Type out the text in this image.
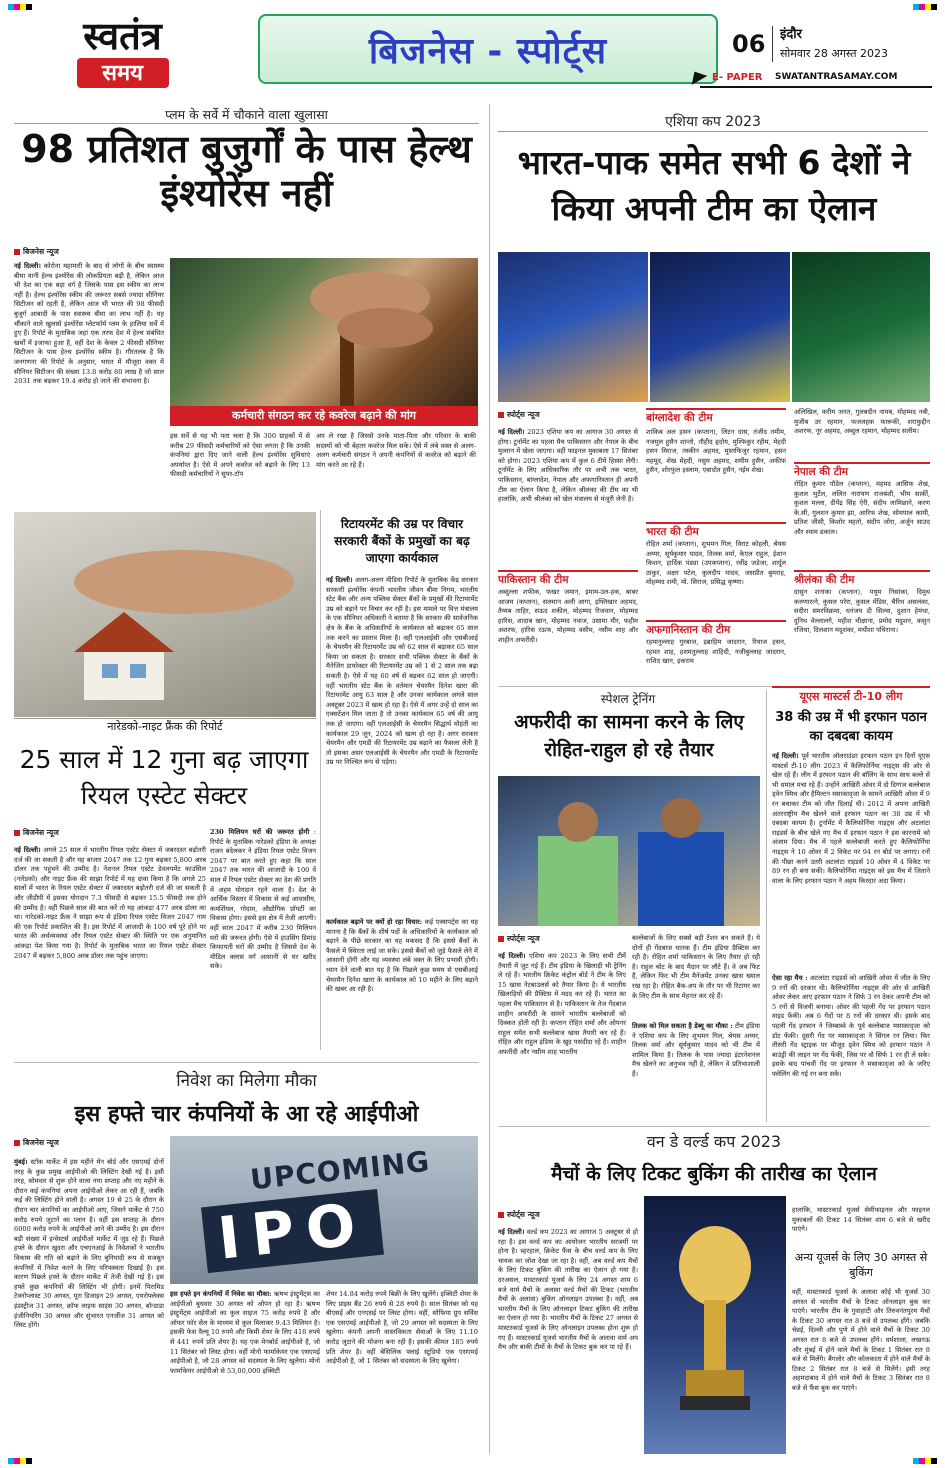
स्वतंत्र
समय
बिजनेस - स्पोर्ट्स	06 इंदौर
सोमवार 28 अगस्त 2023
E- PAPER SWATANTRASAMAY.COM
प्लम के सर्वे में चौकाने वाला खुलासा
98 प्रतिशत बुजुर्गों के पास हेल्थ इंश्योरेंस नहीं
बिजनेस न्यूज
नई दिल्ली। कोरोना महामारी के बाद से लोगों के बीच स्वास्थ्य बीमा यानी हेल्थ इंश्योरेंस की लोकप्रियता बढ़ी है, लेकिन आज भी देश का एक बड़ा वर्ग है जिसके पास इस स्कीम का लाभ नहीं है। हेल्थ इंश्योरेंस स्कीम की जरूरत सबसे ज्यादा सीनियर सिटीजन को रहती है, लेकिन आज भी भारत की 98 फीसदी बुजुर्ग आबादी के पास स्वास्थ्य बीमा का लाभ नहीं है। यह चौंकाने वाले खुलासे इंश्योरेंस प्लेटफॉर्म प्लम के हालिया सर्वे में हुए हैं। रिपोर्ट के मुताबिक जहां एक तरफ देश में हेल्थ संबंधित खर्चों में इजाफा हुआ है, वहीं देश के केवल 2 फीसदी सीनियर सिटीजन के पास हेल्थ इंश्योरेंस स्कीम है। गौरतलब है कि जनगणना की रिपोर्ट के अनुसार, भारत में मौजूदा वक्त में सीनियर सिटीजन की संख्या 13.8 करोड़ 80 लाख है जो साल 2031 तक बढ़कर 19.4 करोड़ हो जाने की संभावना है।
कर्मचारी संगठन कर रहे कवरेज बढ़ाने की मांग
इस सर्वे से यह भी पता चला है कि 300 ग्राहकों में से करीब 29 फीसदी कर्मचारियों को ऐसा लगता है कि उनकी कंपनियां द्वारा दिए जाने वाली हेल्थ इंश्योरेंस सुविधाएं अपर्याप्त है। ऐसे में अपने कवरेज को बढ़ाने के लिए 13 फीसदी कर्मचारियों ने सुपर-टॉप
अप ले रखा है जिससे उनके माता-पिता और परिवार के बाकी सदस्यों को भी बेहतर कवरेज मिल सके। ऐसे में लंबे वक्त से अलग-अलग कर्मचारी संगठन ने अपनी कंपनियों से कवरेज को बढ़ाने की मांग करते आ रहे हैं।
नारेडको-नाइट फ्रैंक की रिपोर्ट
25 साल में 12 गुना बढ़ जाएगा रियल एस्टेट सेक्टर
बिजनेस न्यूज
नई दिल्ली। अगले 25 साल में भारतीय रियल एस्टेट सेक्टर में जबरदस्त बढ़ोतरी दर्ज की जा सकती है और यह बाजार 2047 तक 12 गुना बढ़कर 5,800 अरब डॉलर तक पहुंचने की उम्मीद है। नेशनल रियल एस्टेट डेवलपमेंट काउंसिल (नारेडको) और नाइट फ्रैंक की साझा रिपोर्ट में यह दावा किया है कि अगले 25 सालों में भारत के रियल एस्टेट सेक्टर में जबरदस्त बढ़ोतरी दर्ज की जा सकती है और जीडीपी में इसका योगदान 7.3 फीसदी से बढ़कर 15.5 फीसदी तक होने की उम्मीद है। वहीं पिछले साल की बात करें तो यह आंकड़ा 477 अरब डॉलर का था। नारेडको-नाइट फ्रैंक ने साझा रूप से इंडिया रियल एस्टेट विजन 2047 नाम की एक रिपोर्ट प्रकाशित की है। इस रिपोर्ट में आजादी के 100 वर्ष पूरे होने पर भारत की अर्थव्यवस्था और रियल एस्टेट सेक्टर की स्थिति पर एक अनुमानित आंकड़ा पेश किया गया है। रिपोर्ट के मुताबिक भारत का रियल एस्टेट सेक्टर 2047 में बढ़कर 5,800 अरब डॉलर तक पहुंच जाएगा।
230 मिलियन घरों की जरूरत होगी : रिपोर्ट के मुताबिक नारेडको इंडिया के अध्यक्ष राजन बंदेलकर ने इंडिया रियल एस्टेट विजन 2047 पर बात करते हुए कहा कि साल 2047 तक भारत की आजादी के 100 वें साल में रियल एस्टेट सेक्टर का देश की प्रगति में अहम योगदान रहने वाला है। देश के आर्थिक विस्तार में विकास से कई आवासीय, कमर्शियल, गोदाम, औद्योगिक प्रॉपर्टी का विकास होगा। इससे इस क्षेत्र में तेजी आएगी। वहीं साल 2047 में करीब 230 मिलियन घरों की जरूरत होगी। ऐसे में हाउसिंग डिमांड किफायती घरों की उम्मीद है जिससे देश के मीडिल क्लास वर्ग आसानी से घर खरीद सके।
रिटायरमेंट की उम्र पर विचार सरकारी बैंकों के प्रमुखों का बढ़ जाएगा कार्यकाल
नई दिल्ली। अलग-अलग मीडिया रिपोर्ट के मुताबिक केंद्र सरकार सरकारी इंश्योरेंस कंपनी भारतीय जीवन बीमा निगम, भारतीय स्टेट बैंक और अन्य पब्लिक सेक्टर बैंकों के प्रमुखों की रिटायरमेंट उम्र को बढ़ाने पर विचार कर रही है। इस मामले पर वित्त मंत्रालय के एक सीनियर अधिकारी ने बताया है कि सरकार की सार्वजनिक क्षेत्र के बैंक के अधिकारियों के कार्यकाल को बढ़ाकर 65 साल तक करने का प्रस्ताव मिला है। वहीं एलआईसी और एसबीआई के चेयरमैन की रिटायरमेंट उम्र को 62 साल से बढ़ाकर 65 साल किया जा सकता है। सरकार सभी पब्लिक सेक्टर के बैंकों के मैनेजिंग डायरेक्टर की रिटायरमेंट उम्र को 1 से 2 साल तक बढ़ा सकती है। ऐसे में यह 60 वर्ष से बढ़कर 62 साल हो जाएगी। वहीं भारतीय स्टेट बैंक के वर्तमान चेयरमैन दिनेश खारा की रिटायरमेंट आयु 63 साल है और उनका कार्यकाल अगले साल अक्टूबर 2023 में खत्म हो रहा है। ऐसे में अगर उन्हें दो साल का एक्सटेंशन मिल जाता है तो उनका कार्यकाल 65 वर्ष की आयु तक हो जाएगा। वहीं एलआईसी के चेयरमैन सिद्धार्थ मोहंती का कार्यकाल 29 जून, 2024 को खत्म हो रहा है। अगर सरकार चेयरमैन और एमडी की रिटायरमेंट उम्र बढ़ाने का फैसला लेती है तो इसका असर एलआईसी के चेयरमैन और एमडी के रिटायरमेंट उम्र पर निश्चित रूप से पड़ेगा।
कार्यकाल बढ़ाने पर क्यों हो रहा विचार: कई एक्सपर्ट्स का यह मानना है कि बैंकों के शीर्ष पदों के अधिकारियों के कार्यकाल को बढ़ाने के पीछे सरकार का यह मकसद है कि इससे बैंकों के फैसले में स्थिरता लाई जा सके। इससे बैंकों को जुड़े फैसले लेने में आसानी होगी और यह व्यवस्था लंबे वक्त के लिए प्रभावी होगी। ध्यान देने वाली बात यह है कि पिछले कुछ समय से एसबीआई चेयरमैन दिनेश खारा के कार्यकाल को 10 महीने के लिए बढ़ाने की खबर आ रही है।
निवेश का मिलेगा मौका
इस हफ्ते चार कंपनियों के आ रहे आईपीओ
बिजनेस न्यूज
मुंबई। स्टॉक मार्केट में इस महीने मेन बोर्ड और एसएमई दोनों तरह के कुछ प्रमुख आईपीओ की लिस्टिंग देखी गई है। इसी तरह, सोमवार से शुरू होने वाला नया सप्ताह और नए महीने के दौरान कई कंपनियां अपना आईपीओ लेकर आ रही हैं, जबकि कई की लिस्टिंग होने वाली है। अगस्त 19 से 25 के दौरान के दौरान चार कंपनियों का आईपीओ आए, जिसने मार्केट से 750 करोड़ रुपये जुटाने का प्लान है। वहीं इस सप्ताह के दौरान 6000 करोड़ रुपये के आईपीओ आने की उम्मीद है। इस दौरान बड़ी संख्या में इन्वेस्टर्स आईपीओ मार्केट में जुड़ रहे हैं। पिछले हफ्ते के दौरान खुदरा और एचएनआई के निवेशकों ने भारतीय विकास की गति को बढ़ाने के लिए बुनियादी रूप से मजबूत कंपनियों में निवेश करने के लिए परिपक्वता दिखाई है। इस कारण पिछले हफ्ते के दौरान मार्केट में तेजी देखी गई है। इस हफ्ते कुछ कंपनियों की लिस्टिंग भी होगी। इनमें पिरामिड टेक्नोप्लास्ट 30 अगस्त, यूरा डिजाइन 29 अगस्त, एयरोफ्लेक्स इंडस्ट्रीज 31 अगस्त, क्रॉफ लाइफ साइंस 30 अगस्त, बॉन्डाडा इंजीनियरिंग 30 अगस्त और सुंभारत एनर्जीज 31 अगस्त को लिस्ट होंगे।
UPCOMING
IPO
इस हफ्ते इन कंपनियों में निवेश का मौका: ऋषभ इंस्ट्रूमेंट्स का आईपीओ बुधवार 30 अगस्त को ओपन हो रहा है। ऋषभ इंस्ट्रूमेंट्स आईपीओ का कुल साइज 75 करोड़ रुपये है और ऑफर फॉर सेल के माध्यम से कुल मिलाकर 9.43 मिलियन है। इसकी फेस वैल्यू 10 रुपये और किमी शेयर के लिए 418 रुपये से 441 रुपये प्रति शेयर है। यह एक मेनबोर्ड आईपीओ है, जो 11 सितंबर को लिस्ट होगा। वहीं मोनो फार्माकेयर एक एसएमई आईपीओ है, जो 28 अगस्त को सदस्यता के लिए खुलेगा। मोनो फार्माकेयर आईपीओ से 53,00,000 इक्विटी
शेयर 14.84 करोड़ रुपये बिक्री के लिए खुलेंगे। इक्विटी शेयर के लिए प्राइस बैंड 26 रुपये से 28 रुपये है। साल सितंबर को यह बीएसई और एनएसई पर लिस्ट होगा। वहीं, सोफिया ग्रुप सर्विस एक एसएमई आईपीओ है, जो 29 अगस्त को सदस्यता के लिए खुलेगा। कंपनी अपनी वास्तविकता सेवाओं के लिए 11.10 करोड़ जुटाने की योजना बना रही है। इसकी कीमत 185 रुपये प्रति शेयर है। वहीं बेसिलिक फ्लाई स्टूडियो एक एसएमई आईपीओ है, जो 1 सितंबर को सदस्यता के लिए खुलेगा।
एशिया कप 2023
भारत-पाक समेत सभी 6 देशों ने किया अपनी टीम का ऐलान
स्पोर्ट्स न्यूज
नई दिल्ली। 2023 एशिया कप का आगाज 30 अगस्त से होगा। टूर्नामेंट का पहला मैच पाकिस्तान और नेपाल के बीच मुल्तान में खेला जाएगा। वहीं फाइनल मुकाबला 17 सितंबर को होगा। 2023 एशिया कप में कुल 6 टीमें हिस्सा लेंगी। टूर्नामेंट के लिए आधिकारिक तौर पर अभी तक भारत, पाकिस्तान, बांग्लादेश, नेपाल और अफगानिस्तान ही अपनी टीम का ऐलान किया है, लेकिन श्रीलंका की टीम का भी हालांकि, अभी श्रीलंका को खेल मंत्रालय से मंजूरी लेनी है।
पाकिस्तान की टीम
अब्दुल्ला शफीक, फखर जमान, इमाम-उल-हक, बाबर आजम (कप्तान), सलमान अली आगा, इफ्तिखार अहमद, तैय्यब ताहिर, सऊद शकील, मोहम्मद रिजवान, मोहम्मद हारिस, शादाब खान, मोहम्मद नवाज, उसामा मीर, फहीम अशरफ, हारिस रऊफ, मोहम्मद वसीम, नसीम शाह और शाहीन अफरीदी।
बांग्लादेश की टीम
शाकिब अल हसन (कप्तान), लिटन दास, तंजीद तमीम, नजमुल हुसैन शान्तो, तौहीद हृदोय, मुश्फिकुर रहीम, मेहदी हसन मिराज, तस्कीन अहमद, मुस्तफिजुर रहमान, हसन महमूद, शेख मेहदी, नसुम अहमद, शमीम हुसैन, अफीफ हुसैन, शोरफुल इस्लाम, एबादोत हुसैन, नईम शेख।
भारत की टीम
रोहित शर्मा (कप्तान), शुभमन गिल, विराट कोहली, श्रेयस अय्यर, सूर्यकुमार यादव, तिलक वर्मा, केएल राहुल, ईशान किशन, हार्दिक पंड्या (उपकप्तान), रवींद्र जडेजा, शार्दुल ठाकुर, अक्षर पटेल, कुलदीप यादव, जसप्रीत बुमराह, मोहम्मद शमी, मो. सिराज, प्रसिद्ध कृष्णा।
अफगानिस्तान की टीम
रहमानुल्लाह गुरबाज, इब्राहिम जादरान, रियाज हसन, रहमत शाह, हशमतुल्लाह शाहिदी, नजीबुल्लाह जादरान, राशिद खान, इकराम
अलिखिल, करीम जनत, गुलबदीन नायब, मोहम्मद नबी, मुजीब उर रहमान, फजलहक फारूकी, शराफुद्दीन अशरफ, नूर अहमद, अब्दुल रहमान, मोहम्मद सलीम।
नेपाल की टीम
रोहित कुमार पौडेल (कप्तान), महमद आसिफ शेख, कुशल भुर्टेल, ललित नारायण राजबंशी, भीम सार्की, कुशल मल्ला, दीपेंद्र सिंह ऐरी, संदीप लामिछाने, करण के.सी, गुलशन कुमार झा, आरिफ शेख, सोमपाल कामी, प्रतिश जीसी, किशोर महतो, संदीप जोरा, अर्जुन साउद और श्याम ढकाल।
श्रीलंका की टीम
दासुन शनाका (कप्तान), पथुम निसांका, दिमुथ करुणारत्ने, कुसल परेरा, कुसल मेंडिस, चैरिथ असलंका, सदीरा समरविक्रमा, धनंजय डी सिल्वा, दुशान हेमंथा, दुनिथ वेल्लालगे, महीश थीक्षाना, प्रमोद मदुशन, कसुन रजिथा, दिलशान मदुशंका, मथीशा पथिराना।
स्पेशल ट्रेनिंग
अफरीदी का सामना करने के लिए रोहित-राहुल हो रहे तैयार
स्पोर्ट्स न्यूज
नई दिल्ली। एशिया कप 2023 के लिए सभी टीमें तैयारी में जुट गई हैं। टीम इंडिया के खिलाड़ी भी ट्रेनिंग ले रहे हैं। भारतीय क्रिकेट कंट्रोल बोर्ड ने टीम के लिए 15 खास नेटबाउलर्स को तैयार किया है। ये भारतीय खिलाड़ियों की प्रैक्टिस में मदद कर रहे हैं। भारत का पहला मैच पाकिस्तान से है। पाकिस्तान के तेज गेंदबाज शाहीन अफरीदी के सामने भारतीय बल्लेबाजों को दिक्कत होती रही है। कप्तान रोहित शर्मा और ओपनर राहुल समेत सभी बल्लेबाज खास तैयारी कर रहे हैं। रोहित और राहुल इंडिया के खुद पसंदीदा रहे हैं। शाहीन अफरीदी और नसीम शाह भारतीय
बल्लेबाजों के लिए सबसे बड़ी टेंशन बन सकते हैं। ये दोनों ही गेंदबाज घातक हैं। टीम इंडिया प्रैक्टिस कर रही है। रोहित शर्मा पाकिस्तान के लिए तैयार हो रही है। राहुल चोट के बाद मैदान पर लौटे हैं। वे अब फिट हैं, लेकिन फिर भी टीम मैनेजमेंट उनका खास ख्याल रख रहा है। रोहित बैक-अप के तौर पर भी रिटायर कर के लिए टीम के साथ मेहनत कर रहे हैं।
तिलक को मिल सकता है डेब्यू का मौका : टीम इंडिया ने एशिया कप के लिए शुभमन गिल, श्रेयस अय्यर, तिलक वर्मा और सूर्यकुमार यादव को भी टीम में शामिल किया है। तिलक के पास ज्यादा इंटरनेशनल मैच खेलने का अनुभव नहीं है, लेकिन वे प्रतिभाशाली हैं।
यूएस मास्टर्स टी-10 लीग
38 की उम्र में भी इरफान पठान का दबदबा कायम
नई दिल्ली। पूर्व भारतीय ऑलराउंडर इरफान पठान इन दिनों यूएस मास्टर्स टी-10 लीग 2023 में कैलिफोर्निया नाइट्स की ओर से खेल रहे हैं। लीग में इरफान पठान की बॉलिंग के साथ साथ बल्ले से भी धमाल मचा रहे हैं। उन्होंने आखिरी ओवर में दो दिग्गज बल्लेबाज ड्वेन स्मिथ और हैमिल्टन मसाकाद्जा के सामने आखिरी ओवर में 9 रन बचाकर टीम को जीत दिलाई थी। 2012 में अपना आखिरी अंतरराष्ट्रीय मैच खेलने वाले इरफान पठान का 38 उम्र में भी दबदबा कायम है। टूर्नामेंट में कैलिफोर्निया नाइट्स और अटलांटा राइडर्स के बीच खेले गए मैच में इरफान पठान ने इस कारनामे को अंजाम दिया। मैच में पहले बल्लेबाजी करते हुए कैलिफोर्निया नाइट्स ने 10 ओवर में 2 विकेट पर 94 रन बोर्ड पर लगाए। रनों की पीछा करने उतरी अटलांटा राइडर्स 10 ओवर में 4 विकेट पर 89 रन ही बना सकी। कैलिफोर्निया नाइट्स को इस मैच में जिताने वाला के लिए इरफान पठान ने अहम किरदार अदा किया।
ऐसा रहा मैच : अटलांटा राइडर्स को आखिरी ओवर में जीत के लिए 9 रनों की दरकार थी। कैलिफोर्निया नाइट्स की ओर से आखिरी ओवर लेकर आए इरफान पठान ने सिर्फ 3 रन देकर अपनी टीम को 5 रनों से विजयी बनाया। ओवर की पहली गेंद पर इरफान पठान वाइड फेंकी। अब 6 गेंदों पर 8 रनों की दरकार थी। इसके बाद पहली गेंद इरफान ने जिम्बाब्वे के पूर्व बल्लेबाज मसाकाद्जा को डॉट फेंकी। दूसरी गेंद पर मसाकाद्जा ने सिंगल रन लिया। फिर तीसरी गेंद स्ट्राइक पर मौजूद ड्वेन स्मिथ को इरफान पठान ने बाउंड्री की लाइन पर गेंद फेंकी, जिस पर वो सिर्फ 1 रन ही ले सके। इसके बाद पांचवीं गेंद पर इरफान ने मसाकाद्जा को के जरिए फ्लेलिंग की गई रन बना सके।
वन डे वर्ल्ड कप 2023
मैचों के लिए टिकट बुकिंग की तारीख का ऐलान
स्पोर्ट्स न्यूज
नई दिल्ली। वर्ल्ड कप 2023 का आगाज 5 अक्टूबर से हो रहा है। इस वर्ल्ड कप का आयोजन भारतीय सरजमीं पर होना है। ब्हरहाल, क्रिकेट फैंस के बीच वर्ल्ड कप के लिए चायक का जोश देखा जा रहा है। वहीं, अब वर्ल्ड कप मैचों के लिए टिकट बुकिंग की तारीख का ऐलान हो गया है। दरअसल, मास्टरकार्ड यूजर्स के लिए 24 अगस्त शाम 6 बजे वार्म मैचों के अलावा वर्ल्ड मैचों की टिकट (भारतीय मैचों के अलावा) बुकिंग ऑनलाइन उपलब्ध है। वहीं, अब भारतीय मैचों के लिए ऑनलाइन टिकट बुकिंग की तारीख का ऐलान हो गया है। भारतीय मैचों के टिकट 27 अगस्त से मास्टरकार्ड यूजर्स के लिए ऑनलाइन उपलब्ध होना शुरू हो गए हैं। मास्टरकार्ड यूजर्स भारतीय मैचों के अलावा वार्म अप मैच और बाकी टीमों के मैचों के टिकट बुक कर पा रहे हैं।
हालांकि, मास्टरकार्ड यूजर्स सेमीफाइनल और फाइनल मुकाबलों की टिकट 14 सितंबर शाम 6 बजे से खरीद पाएंगे।
अन्य यूजर्स के लिए 30 अगस्त से बुकिंग
वहीं, मास्टरकार्ड यूजर्स के अलावा कोई भी यूजर्स 30 अगस्त से भारतीय मैचों के टिकट ऑनलाइन बुक कर पाएंगे। भारतीय टीम के गुवाहाटी और तिरुवनंतपुरम मैचों के टिकट 30 अगस्त रात 8 बजे से उपलब्ध होंगे। जबकि चेन्नई, दिल्ली और पुणे में होने वाले मैचों के टिकट 30 अगस्त रात 8 बजे से उपलब्ध होंगे। धर्मशाला, लखनऊ और मुंबई में होने वाले मैचों के टिकट 1 सितंबर रात 8 बजे से मिलेंगे। बैंगलोर और कोलकाता में होने वाले मैचों के टिकट 2 सितंबर रात 8 बजे से मिलेंगे। इसी तरह अहमदाबाद में होने वाले मैचों के टिकट 3 सितंबर रात 8 बजे से फैंस बुक कर पाएंगे।
